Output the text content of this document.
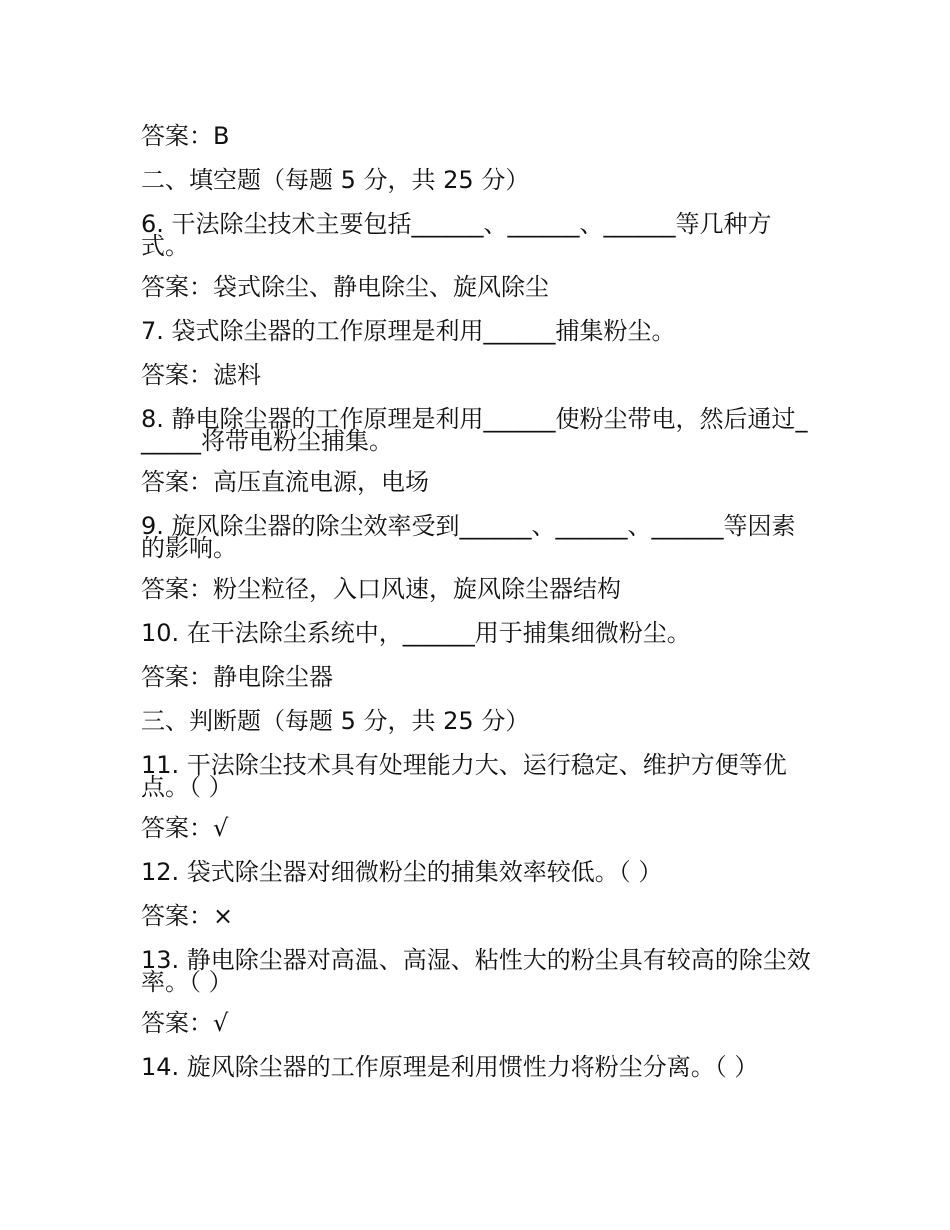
答案：B
二、填空题（每题 5 分，共 25 分）
6. 干法除尘技术主要包括______、______、______等几种方式。
答案：袋式除尘、静电除尘、旋风除尘
7. 袋式除尘器的工作原理是利用______捕集粉尘。
答案：滤料
8. 静电除尘器的工作原理是利用______使粉尘带电，然后通过______将带电粉尘捕集。
答案：高压直流电源，电场
9. 旋风除尘器的除尘效率受到______、______、______等因素的影响。
答案：粉尘粒径，入口风速，旋风除尘器结构
10. 在干法除尘系统中，______用于捕集细微粉尘。
答案：静电除尘器
三、判断题（每题 5 分，共 25 分）
11. 干法除尘技术具有处理能力大、运行稳定、维护方便等优点。（ ）
答案：√
12. 袋式除尘器对细微粉尘的捕集效率较低。（ ）
答案：×
13. 静电除尘器对高温、高湿、粘性大的粉尘具有较高的除尘效率。（ ）
答案：√
14. 旋风除尘器的工作原理是利用惯性力将粉尘分离。（ ）
